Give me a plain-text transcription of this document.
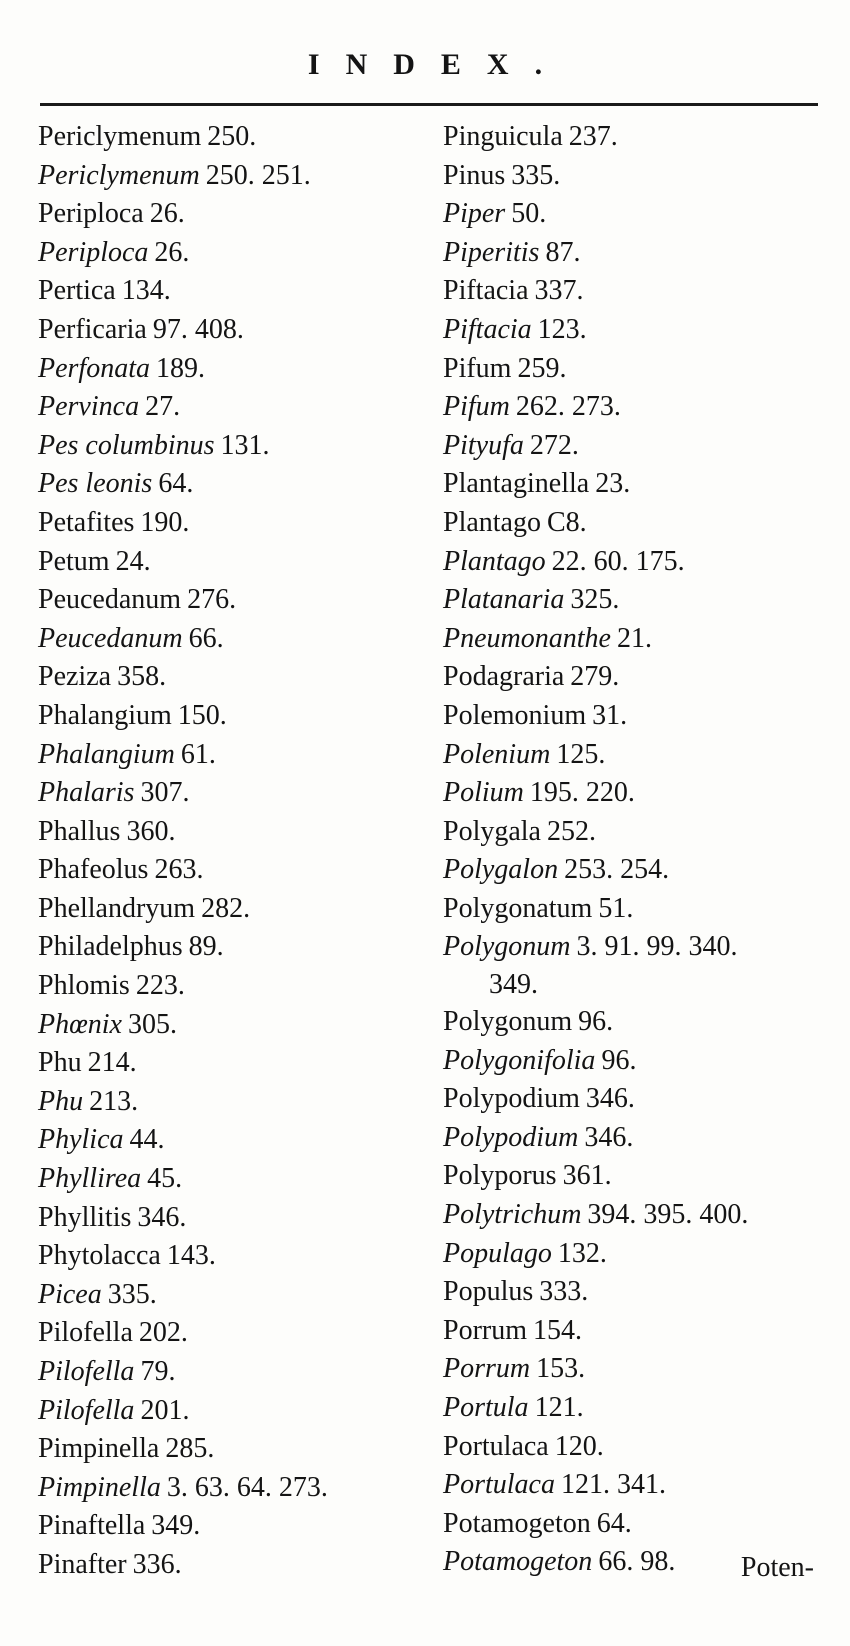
INDEX.
Periclymenum 250.
Periclymenum 250. 251.
Periploca 26.
Periploca 26.
Pertica 134.
Perficaria 97. 408.
Perfonata 189.
Pervinca 27.
Pes columbinus 131.
Pes leonis 64.
Petafites 190.
Petum 24.
Peucedanum 276.
Peucedanum 66.
Peziza 358.
Phalangium 150.
Phalangium 61.
Phalaris 307.
Phallus 360.
Phafeolus 263.
Phellandryum 282.
Philadelphus 89.
Phlomis 223.
Phœnix 305.
Phu 214.
Phu 213.
Phylica 44.
Phyllirea 45.
Phyllitis 346.
Phytolacca 143.
Picea 335.
Pilofella 202.
Pilofella 79.
Pilofella 201.
Pimpinella 285.
Pimpinella 3. 63. 64. 273.
Pinaftella 349.
Pinafter 336.
Pinguicula 237.
Pinus 335.
Piper 50.
Piperitis 87.
Piftacia 337.
Piftacia 123.
Pifum 259.
Pifum 262. 273.
Pityufa 272.
Plantaginella 23.
Plantago C8.
Plantago 22. 60. 175.
Platanaria 325.
Pneumonanthe 21.
Podagraria 279.
Polemonium 31.
Polenium 125.
Polium 195. 220.
Polygala 252.
Polygalon 253. 254.
Polygonatum 51.
Polygonum 3. 91. 99. 340.
349.
Polygonum 96.
Polygonifolia 96.
Polypodium 346.
Polypodium 346.
Polyporus 361.
Polytrichum 394. 395. 400.
Populago 132.
Populus 333.
Porrum 154.
Porrum 153.
Portula 121.
Portulaca 120.
Portulaca 121. 341.
Potamogeton 64.
Potamogeton 66. 98.	Poten-
